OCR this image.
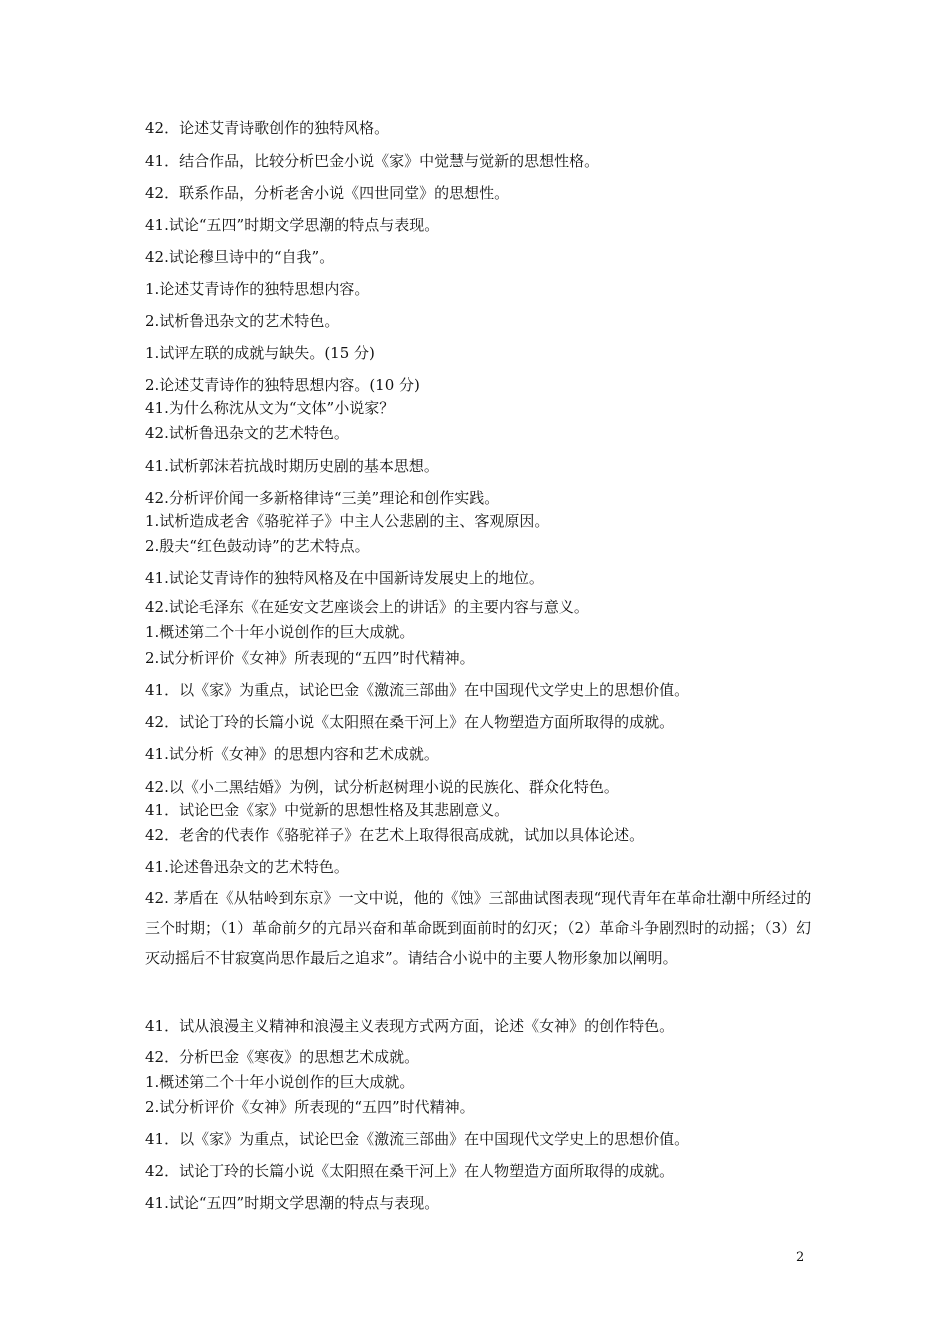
42．论述艾青诗歌创作的独特风格。
41．结合作品，比较分析巴金小说《家》中觉慧与觉新的思想性格。
42．联系作品，分析老舍小说《四世同堂》的思想性。
41.试论“五四”时期文学思潮的特点与表现。
42.试论穆旦诗中的“自我”。
1.论述艾青诗作的独特思想内容。
2.试析鲁迅杂文的艺术特色。
1.试评左联的成就与缺失。(15 分)
2.论述艾青诗作的独特思想内容。(10 分)
41.为什么称沈从文为“文体”小说家？
42.试析鲁迅杂文的艺术特色。
41.试析郭沫若抗战时期历史剧的基本思想。
42.分析评价闻一多新格律诗“三美”理论和创作实践。
1.试析造成老舍《骆驼祥子》中主人公悲剧的主、客观原因。
2.殷夫“红色鼓动诗”的艺术特点。
41.试论艾青诗作的独特风格及在中国新诗发展史上的地位。
42.试论毛泽东《在延安文艺座谈会上的讲话》的主要内容与意义。
1.概述第二个十年小说创作的巨大成就。
2.试分析评价《女神》所表现的“五四”时代精神。
41．以《家》为重点，试论巴金《激流三部曲》在中国现代文学史上的思想价值。
42．试论丁玲的长篇小说《太阳照在桑干河上》在人物塑造方面所取得的成就。
41.试分析《女神》的思想内容和艺术成就。
42.以《小二黑结婚》为例，试分析赵树理小说的民族化、群众化特色。
41．试论巴金《家》中觉新的思想性格及其悲剧意义。
42．老舍的代表作《骆驼祥子》在艺术上取得很高成就，试加以具体论述。
41.论述鲁迅杂文的艺术特色。
42. 茅盾在《从牯岭到东京》一文中说，他的《蚀》三部曲试图表现“现代青年在革命壮潮中所经过的三个时期；（1）革命前夕的亢昂兴奋和革命既到面前时的幻灭；（2）革命斗争剧烈时的动摇；（3）幻灭动摇后不甘寂寞尚思作最后之追求”。请结合小说中的主要人物形象加以阐明。
41．试从浪漫主义精神和浪漫主义表现方式两方面，论述《女神》的创作特色。
42．分析巴金《寒夜》的思想艺术成就。
1.概述第二个十年小说创作的巨大成就。
2.试分析评价《女神》所表现的“五四”时代精神。
41．以《家》为重点，试论巴金《激流三部曲》在中国现代文学史上的思想价值。
42．试论丁玲的长篇小说《太阳照在桑干河上》在人物塑造方面所取得的成就。
41.试论“五四”时期文学思潮的特点与表现。
2
